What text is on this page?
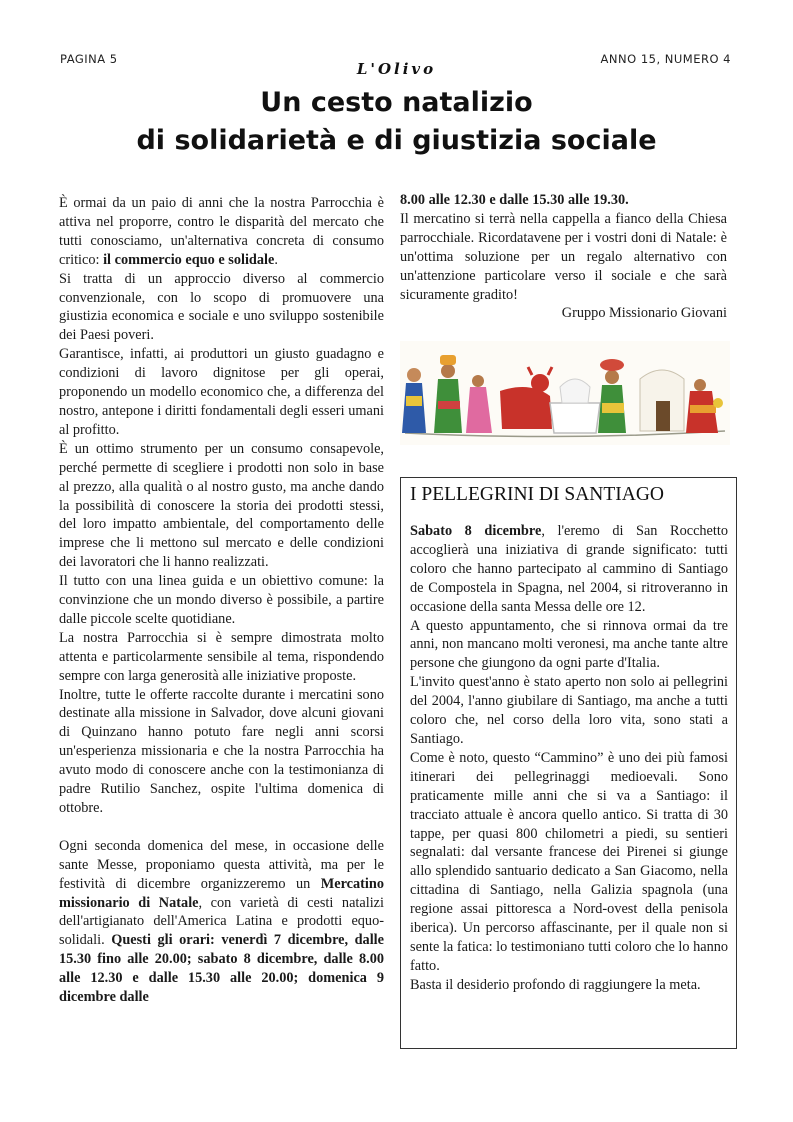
PAGINA 5
L'Olivo
ANNO 15, NUMERO 4
Un cesto natalizio
di solidarietà e di giustizia sociale

È ormai da un paio di anni che la nostra Parrocchia è attiva nel proporre, contro le disparità del mercato che tutti conosciamo, un'alternativa concreta di consumo critico: il commercio equo e solidale.

Si tratta di un approccio diverso al commercio convenzionale, con lo scopo di promuovere una giustizia economica e sociale e uno sviluppo sostenibile dei Paesi poveri.

Garantisce, infatti, ai produttori un giusto guadagno e condizioni di lavoro dignitose per gli operai, proponendo un modello economico che, a differenza del nostro, antepone i diritti fondamentali degli esseri umani al profitto.

È un ottimo strumento per un consumo consapevole, perché permette di scegliere i prodotti non solo in base al prezzo, alla qualità o al nostro gusto, ma anche dando la possibilità di conoscere la storia dei prodotti stessi, del loro impatto ambientale, del comportamento delle imprese che li mettono sul mercato e delle condizioni dei lavoratori che li hanno realizzati.

Il tutto con una linea guida e un obiettivo comune: la convinzione che un mondo diverso è possibile, a partire dalle piccole scelte quotidiane.

La nostra Parrocchia si è sempre dimostrata molto attenta e particolarmente sensibile al tema, rispondendo sempre con larga generosità alle iniziative proposte.

Inoltre, tutte le offerte raccolte durante i mercatini sono destinate alla missione in Salvador, dove alcuni giovani di Quinzano hanno potuto fare negli anni scorsi un'esperienza missionaria e che la nostra Parrocchia ha avuto modo di conoscere anche con la testimonianza di padre Rutilio Sanchez, ospite l'ultima domenica di ottobre.

Ogni seconda domenica del mese, in occasione delle sante Messe, proponiamo questa attività, ma per le festività di dicembre organizzeremo un Mercatino missionario di Natale, con varietà di cesti natalizi dell'artigianato dell'America Latina e prodotti equo-solidali. Questi gli orari: venerdì 7 dicembre, dalle 15.30 fino alle 20.00; sabato 8 dicembre, dalle 8.00 alle 12.30 e dalle 15.30 alle 20.00; domenica 9 dicembre dalle

8.00 alle 12.30 e dalle 15.30 alle 19.30.

Il mercatino si terrà nella cappella a fianco della Chiesa parrocchiale. Ricordatavene per i vostri doni di Natale: è un'ottima soluzione per un regalo alternativo con un'attenzione particolare verso il sociale e che sarà sicuramente gradito!

Gruppo Missionario Giovani

I PELLEGRINI DI SANTIAGO

Sabato 8 dicembre, l'eremo di San Rocchetto accoglierà una iniziativa di grande significato: tutti coloro che hanno partecipato al cammino di Santiago de Compostela in Spagna, nel 2004, si ritroveranno in occasione della santa Messa delle ore 12.

A questo appuntamento, che si rinnova ormai da tre anni, non mancano molti veronesi, ma anche tante altre persone che giungono da ogni parte d'Italia.

L'invito quest'anno è stato aperto non solo ai pellegrini del 2004, l'anno giubilare di Santiago, ma anche a tutti coloro che, nel corso della loro vita, sono stati a Santiago.

Come è noto, questo “Cammino” è uno dei più famosi itinerari dei pellegrinaggi medioevali. Sono praticamente mille anni che si va a Santiago: il tracciato attuale è ancora quello antico. Si tratta di 30 tappe, per quasi 800 chilometri a piedi, su sentieri segnalati: dal versante francese dei Pirenei si giunge allo splendido santuario dedicato a San Giacomo, nella cittadina di Santiago, nella Galizia spagnola (una regione assai pittoresca a Nord-ovest della penisola iberica). Un percorso affascinante, per il quale non si sente la fatica: lo testimoniano tutti coloro che lo hanno fatto.

Basta il desiderio profondo di raggiungere la meta.
